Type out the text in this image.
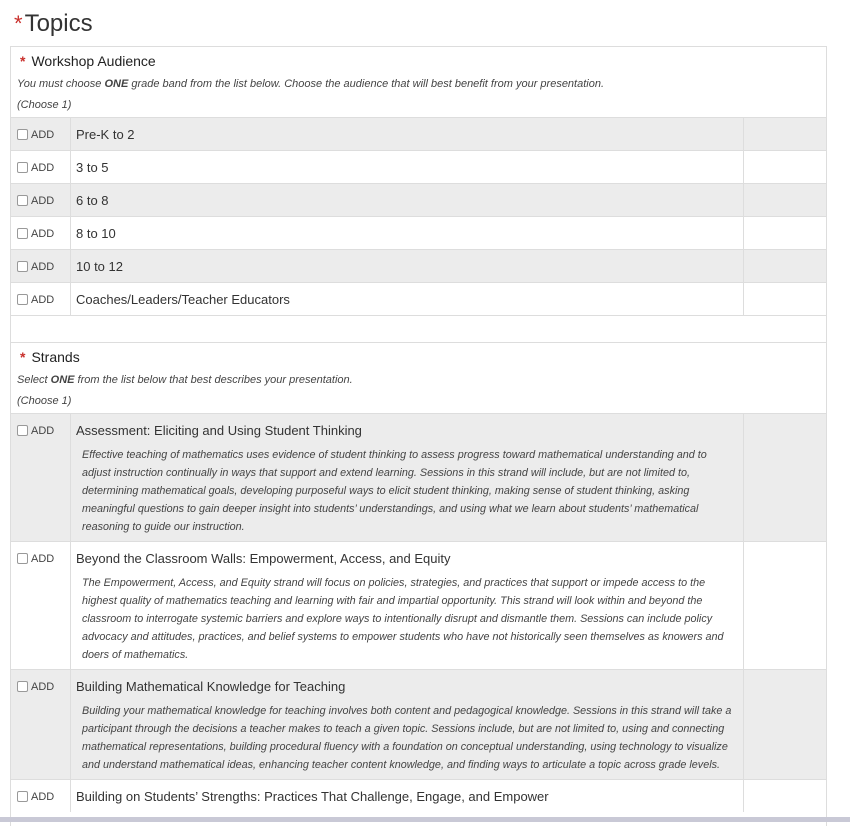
*Topics
* Workshop Audience
You must choose ONE grade band from the list below. Choose the audience that will best benefit from your presentation.
(Choose 1)
ADD	Pre-K to 2	

ADD	3 to 5	

ADD	6 to 8	

ADD	8 to 10	

ADD	10 to 12	

ADD	Coaches/Leaders/Teacher Educators	

* Strands
Select ONE from the list below that best describes your presentation.
(Choose 1)
ADD	Assessment: Eliciting and Using Student Thinking
Effective teaching of mathematics uses evidence of student thinking to assess progress toward mathematical understanding and to adjust instruction continually in ways that support and extend learning. Sessions in this strand will include, but are not limited to, determining mathematical goals, developing purposeful ways to elicit student thinking, making sense of student thinking, asking meaningful questions to gain deeper insight into students’ understandings, and using what we learn about students’ mathematical reasoning to guide our instruction.	

ADD	Beyond the Classroom Walls: Empowerment, Access, and Equity
The Empowerment, Access, and Equity strand will focus on policies, strategies, and practices that support or impede access to the highest quality of mathematics teaching and learning with fair and impartial opportunity. This strand will look within and beyond the classroom to interrogate systemic barriers and explore ways to intentionally disrupt and dismantle them. Sessions can include policy advocacy and attitudes, practices, and belief systems to empower students who have not historically seen themselves as knowers and doers of mathematics.	

ADD	Building Mathematical Knowledge for Teaching
Building your mathematical knowledge for teaching involves both content and pedagogical knowledge. Sessions in this strand will take a participant through the decisions a teacher makes to teach a given topic. Sessions include, but are not limited to, using and connecting mathematical representations, building procedural fluency with a foundation on conceptual understanding, using technology to visualize and understand mathematical ideas, enhancing teacher content knowledge, and finding ways to articulate a topic across grade levels.	

ADD	Building on Students’ Strengths: Practices That Challenge, Engage, and Empower	
